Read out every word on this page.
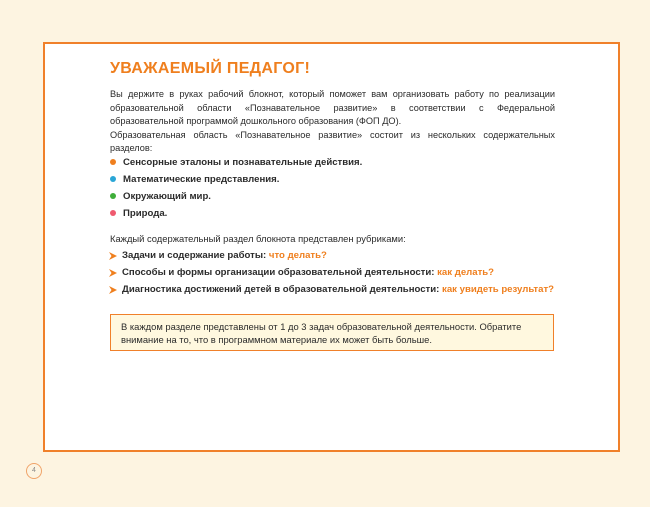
УВАЖАЕМЫЙ ПЕДАГОГ!

Вы держите в руках рабочий блокнот, который поможет вам организовать работу по реализации образовательной области «Познавательное развитие» в соответствии с Федеральной образовательной программой дошкольного образования (ФОП ДО).

Образовательная область «Познавательное развитие» состоит из нескольких содержательных разделов:

Сенсорные эталоны и познавательные действия.
Математические представления.
Окружающий мир.
Природа.
Каждый содержательный раздел блокнота представлен рубриками:
Задачи и содержание работы: что делать?
Способы и формы организации образовательной деятельности: как делать?
Диагностика достижений детей в образовательной деятельности: как увидеть результат?
В каждом разделе представлены от 1 до 3 задач образовательной деятельности. Обратите внимание на то, что в программном материале их может быть больше.
4
